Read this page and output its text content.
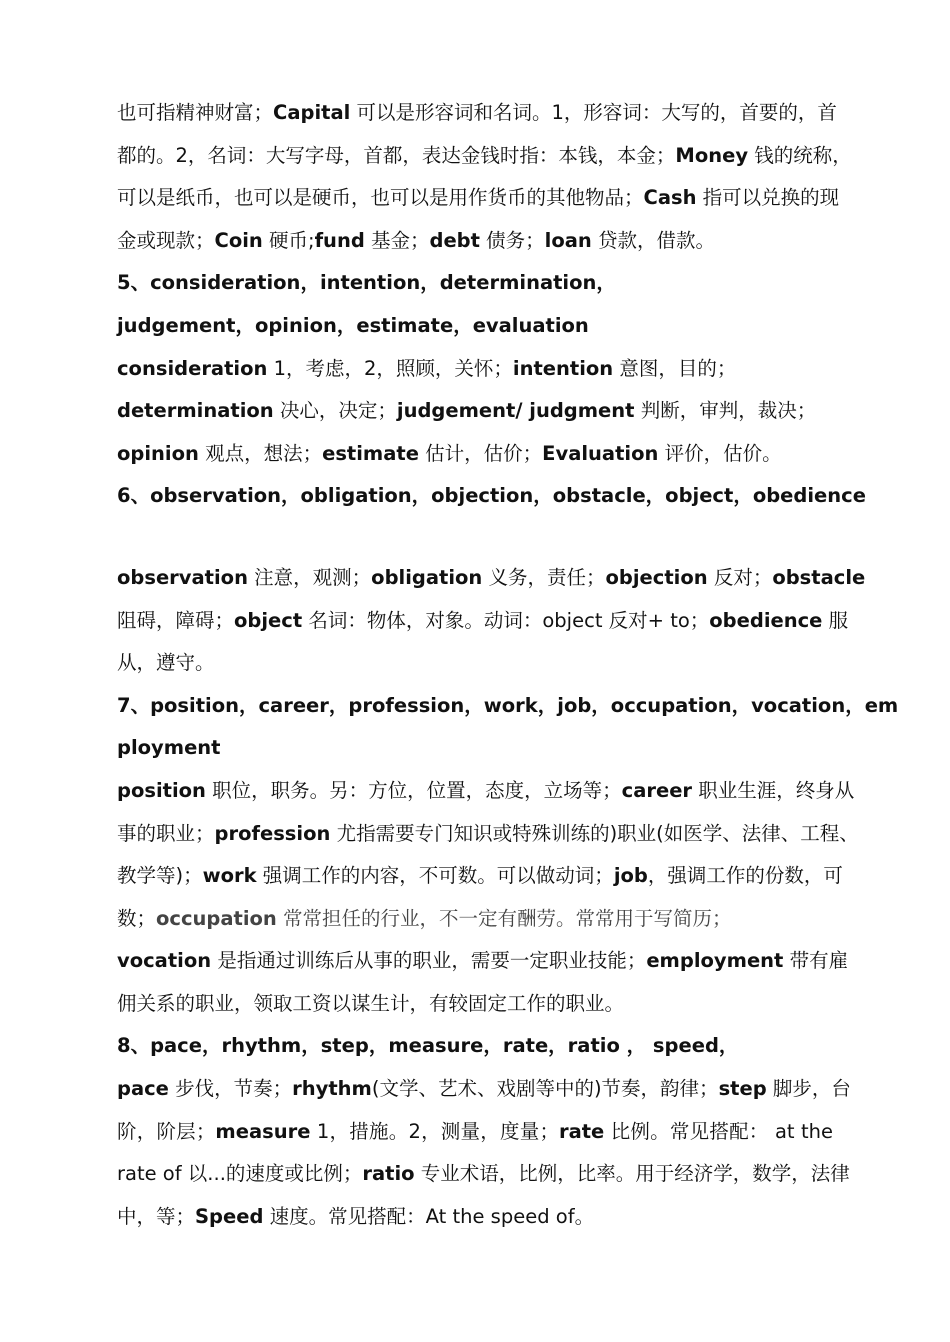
也可指精神财富；Capital 可以是形容词和名词。1，形容词：大写的，首要的，首
都的。2，名词：大写字母，首都，表达金钱时指：本钱，本金；Money 钱的统称，
可以是纸币，也可以是硬币，也可以是用作货币的其他物品；Cash 指可以兑换的现
金或现款；Coin 硬币;fund 基金；debt 债务；loan 贷款，借款。
5、consideration，intention，determination，
judgement，opinion，estimate，evaluation
consideration 1，考虑，2，照顾，关怀；intention 意图，目的；
determination 决心，决定；judgement/ judgment 判断，审判，裁决；
opinion 观点，想法；estimate 估计，估价；Evaluation 评价，估价。
6、observation，obligation，objection，obstacle，object，obedience
observation 注意，观测；obligation 义务，责任；objection 反对；obstacle
阻碍，障碍；object 名词：物体，对象。动词：object 反对+ to；obedience 服
从，遵守。
7、position，career，profession，work，job，occupation，vocation，em
ployment
position 职位，职务。另：方位，位置，态度，立场等；career 职业生涯，终身从
事的职业；profession 尤指需要专门知识或特殊训练的)职业(如医学、法律、工程、
教学等)；work 强调工作的内容，不可数。可以做动词；job，强调工作的份数，可
数；occupation 常常担任的行业，不一定有酬劳。常常用于写简历；
vocation 是指通过训练后从事的职业，需要一定职业技能；employment 带有雇
佣关系的职业，领取工资以谋生计，有较固定工作的职业。
8、pace，rhythm，step，measure，rate，ratio ， speed，
pace 步伐，节奏；rhythm(文学、艺术、戏剧等中的)节奏，韵律；step 脚步，台
阶，阶层；measure 1，措施。2，测量，度量；rate 比例。常见搭配： at the
rate of 以...的速度或比例；ratio 专业术语，比例，比率。用于经济学，数学，法律
中，等；Speed 速度。常见搭配：At the speed of。
